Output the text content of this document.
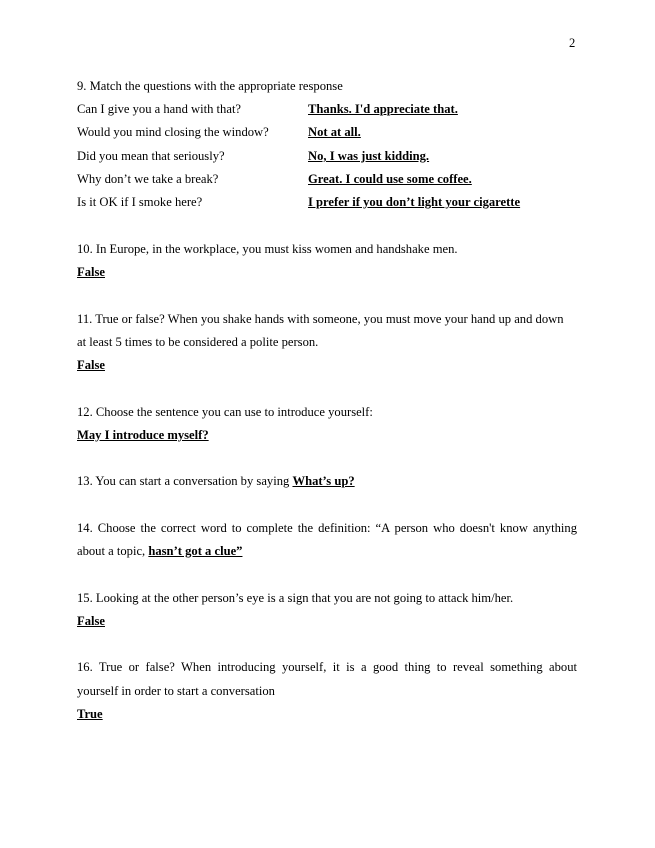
2
9. Match the questions with the appropriate response
Can I give you a hand with that?	Thanks. I'd appreciate that.
Would you mind closing the window?	Not at all.
Did you mean that seriously?	No, I was just kidding.
Why don’t we take a break?	Great. I could use some coffee.
Is it OK if I smoke here?	I prefer if you don’t light your cigarette
10. In Europe, in the workplace, you must kiss women and handshake men.
False
11. True or false? When you shake hands with someone, you must move your hand up and down
at least 5 times to be considered a polite person.
False
12. Choose the sentence you can use to introduce yourself:
May I introduce myself?
13. You can start a conversation by saying What’s up?
14. Choose the correct word to complete the definition: “A person who doesn't know anything
about a topic, hasn’t got a clue”
15. Looking at the other person’s eye is a sign that you are not going to attack him/her.
False
16. True or false? When introducing yourself, it is a good thing to reveal something about
yourself in order to start a conversation
True
